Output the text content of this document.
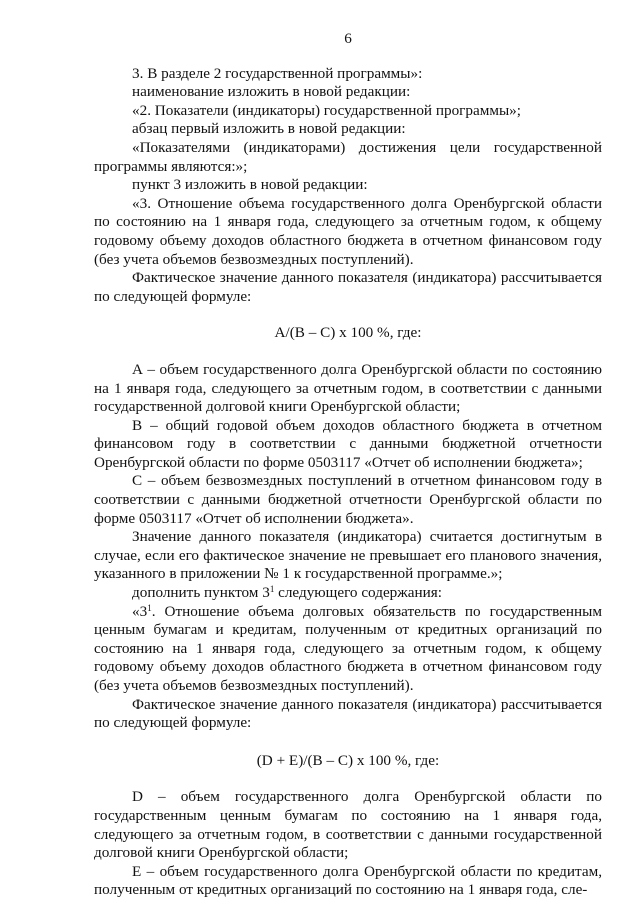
6

3. В разделе 2 государственной программы»:

наименование изложить в новой редакции:

«2. Показатели (индикаторы) государственной программы»;

абзац первый изложить в новой редакции:

«Показателями (индикаторами) достижения цели государственной программы являются:»;

пункт 3 изложить в новой редакции:

«3. Отношение объема государственного долга Оренбургской области по состоянию на 1 января года, следующего за отчетным годом, к общему годовому объему доходов областного бюджета в отчетном финансовом году (без учета объемов безвозмездных поступлений).

Фактическое значение данного показателя (индикатора) рассчитывается по следующей формуле:

A/(B – C) x 100 %, где:

А – объем государственного долга Оренбургской области по состоянию на 1 января года, следующего за отчетным годом, в соответствии с данными государственной долговой книги Оренбургской области;

В – общий годовой объем доходов областного бюджета в отчетном финансовом году в соответствии с данными бюджетной отчетности Оренбургской области по форме 0503117 «Отчет об исполнении бюджета»;

С – объем безвозмездных поступлений в отчетном финансовом году в соответствии с данными бюджетной отчетности Оренбургской области по форме 0503117 «Отчет об исполнении бюджета».

Значение данного показателя (индикатора) считается достигнутым в случае, если его фактическое значение не превышает его планового значения, указанного в приложении № 1 к государственной программе.»;

дополнить пунктом $3^1$ следующего содержания:

«$3^1$. Отношение объема долговых обязательств по государственным ценным бумагам и кредитам, полученным от кредитных организаций по состоянию на 1 января года, следующего за отчетным годом, к общему годовому объему доходов областного бюджета в отчетном финансовом году (без учета объемов безвозмездных поступлений).

Фактическое значение данного показателя (индикатора) рассчитывается по следующей формуле:

(D + E)/(B – C) x 100 %, где:

D – объем государственного долга Оренбургской области по государственным ценным бумагам по состоянию на 1 января года, следующего за отчетным годом, в соответствии с данными государственной долговой книги Оренбургской области;

Е – объем государственного долга Оренбургской области по кредитам, полученным от кредитных организаций по состоянию на 1 января года, сле-
